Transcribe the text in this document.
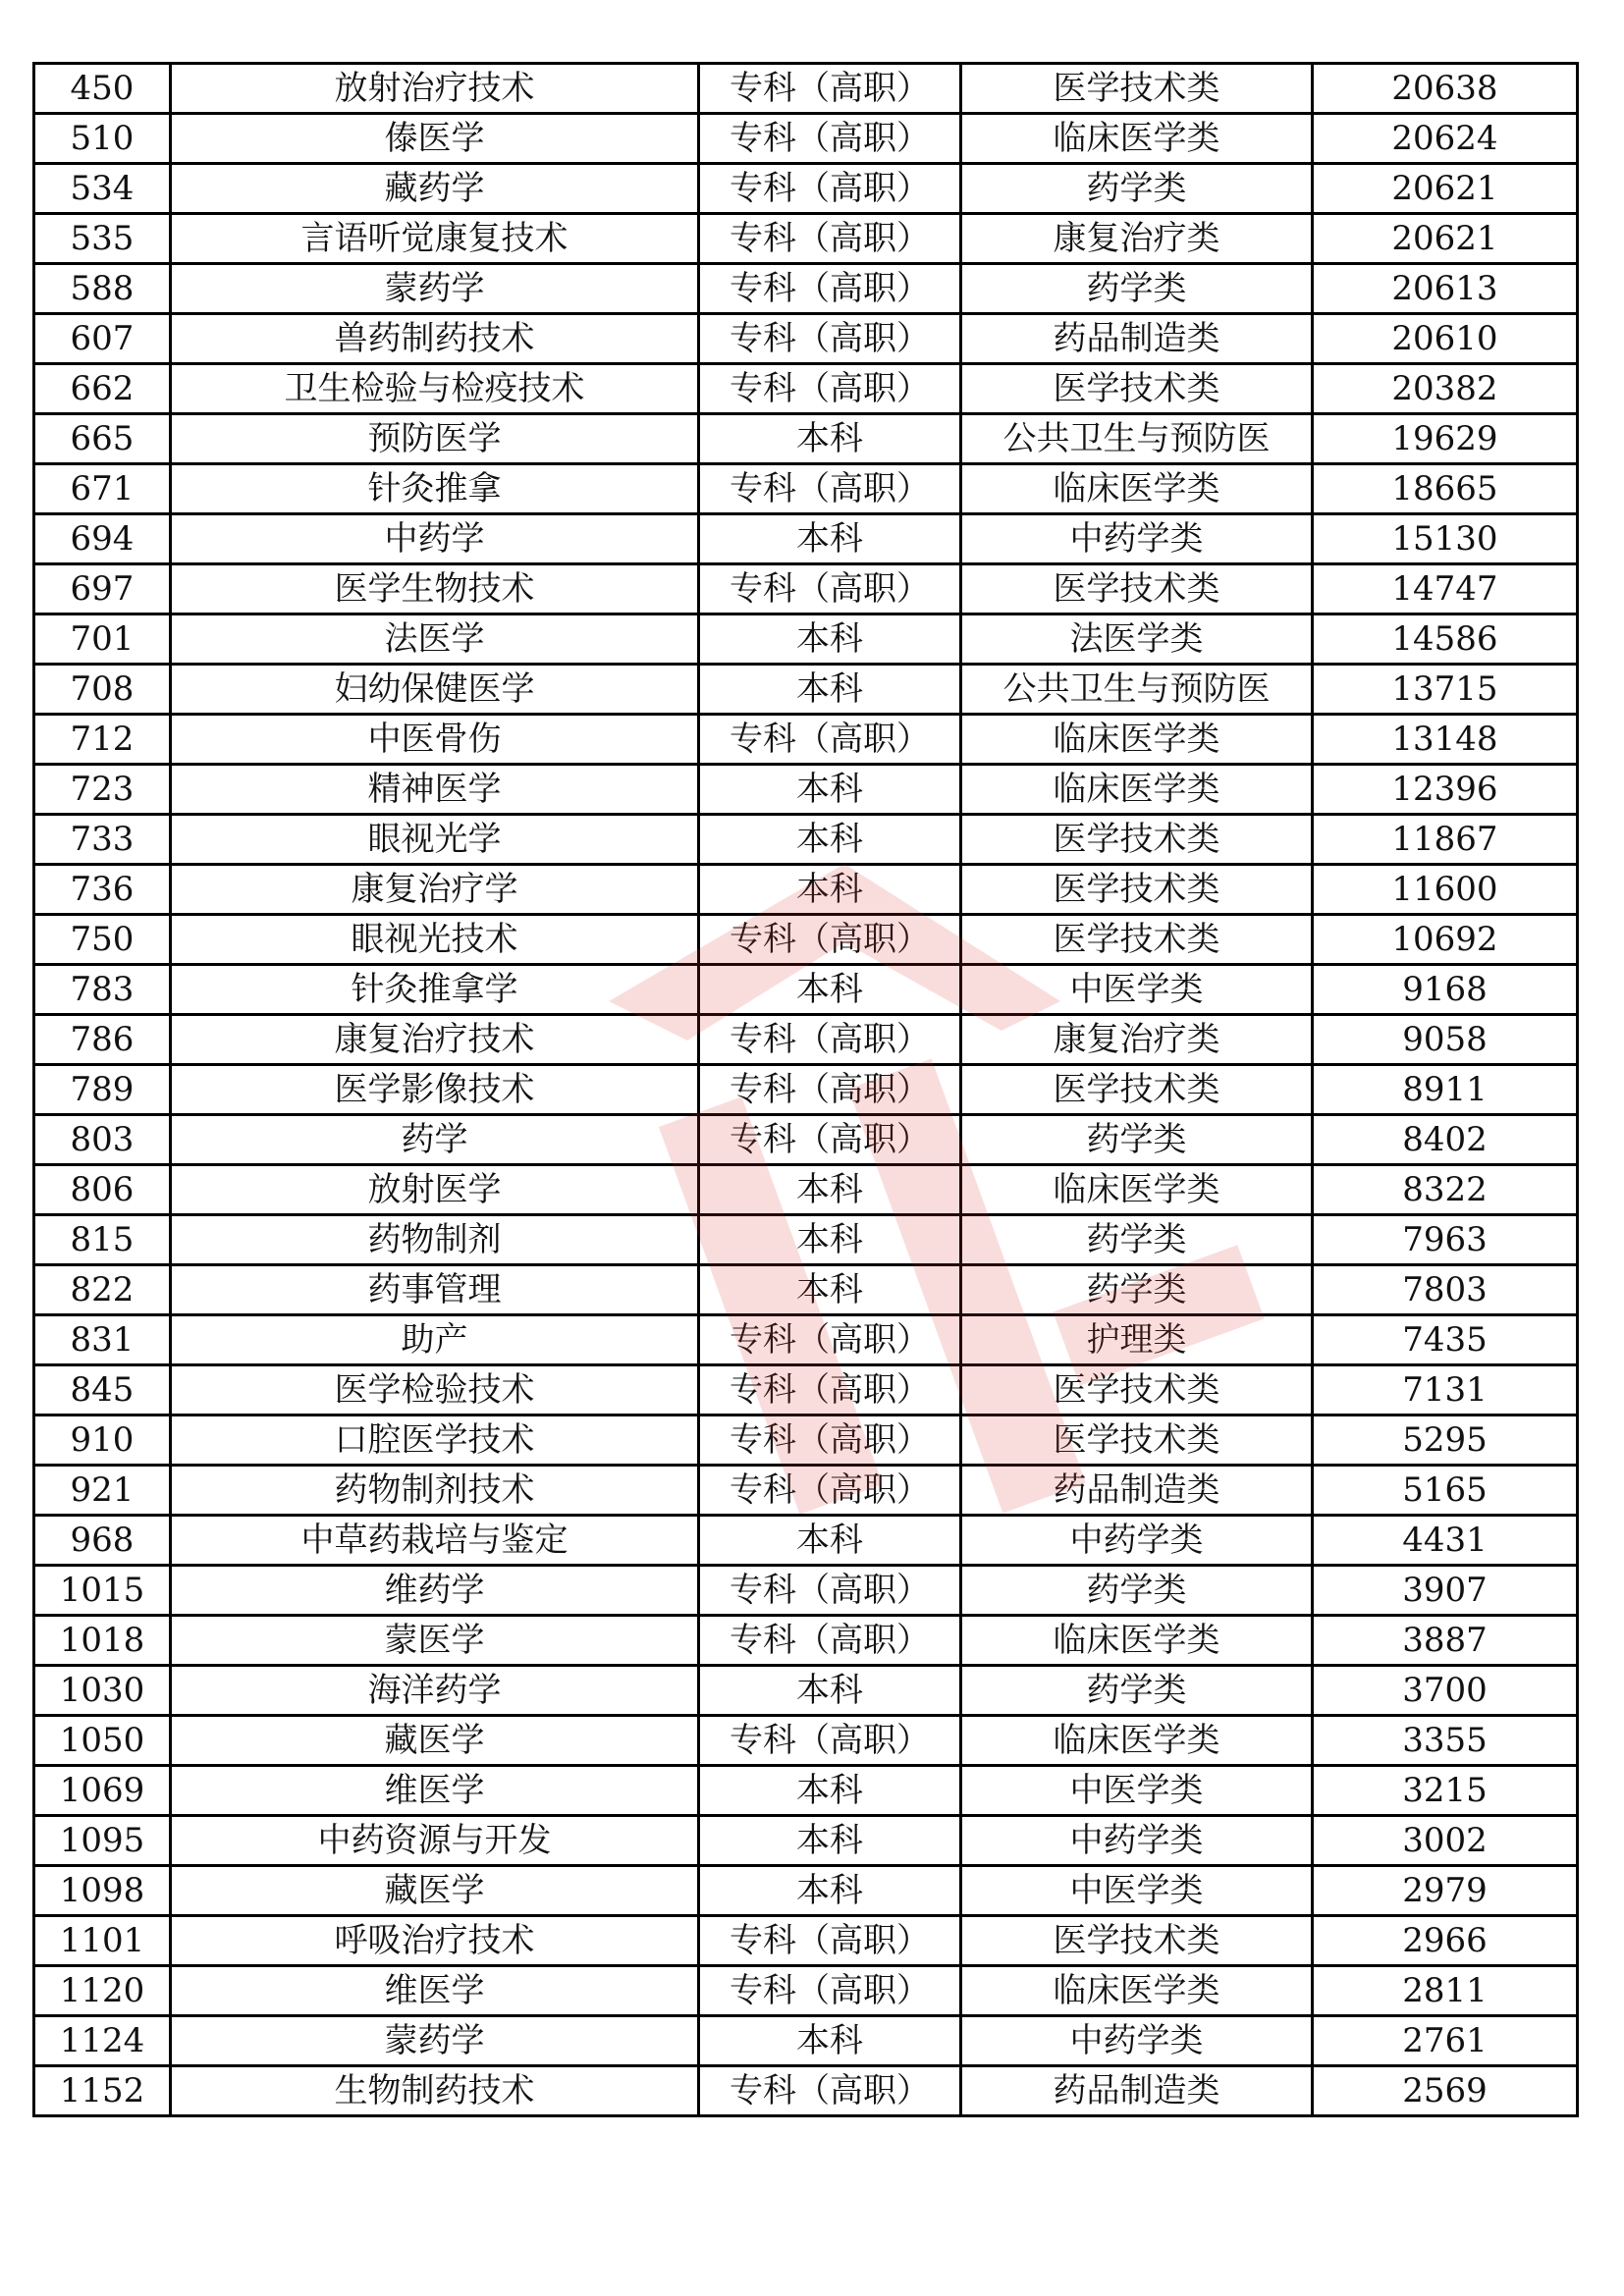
450	放射治疗技术	专科（高职）	医学技术类	20638
510	傣医学	专科（高职）	临床医学类	20624
534	藏药学	专科（高职）	药学类	20621
535	言语听觉康复技术	专科（高职）	康复治疗类	20621
588	蒙药学	专科（高职）	药学类	20613
607	兽药制药技术	专科（高职）	药品制造类	20610
662	卫生检验与检疫技术	专科（高职）	医学技术类	20382
665	预防医学	本科	公共卫生与预防医	19629
671	针灸推拿	专科（高职）	临床医学类	18665
694	中药学	本科	中药学类	15130
697	医学生物技术	专科（高职）	医学技术类	14747
701	法医学	本科	法医学类	14586
708	妇幼保健医学	本科	公共卫生与预防医	13715
712	中医骨伤	专科（高职）	临床医学类	13148
723	精神医学	本科	临床医学类	12396
733	眼视光学	本科	医学技术类	11867
736	康复治疗学	本科	医学技术类	11600
750	眼视光技术	专科（高职）	医学技术类	10692
783	针灸推拿学	本科	中医学类	9168
786	康复治疗技术	专科（高职）	康复治疗类	9058
789	医学影像技术	专科（高职）	医学技术类	8911
803	药学	专科（高职）	药学类	8402
806	放射医学	本科	临床医学类	8322
815	药物制剂	本科	药学类	7963
822	药事管理	本科	药学类	7803
831	助产	专科（高职）	护理类	7435
845	医学检验技术	专科（高职）	医学技术类	7131
910	口腔医学技术	专科（高职）	医学技术类	5295
921	药物制剂技术	专科（高职）	药品制造类	5165
968	中草药栽培与鉴定	本科	中药学类	4431
1015	维药学	专科（高职）	药学类	3907
1018	蒙医学	专科（高职）	临床医学类	3887
1030	海洋药学	本科	药学类	3700
1050	藏医学	专科（高职）	临床医学类	3355
1069	维医学	本科	中医学类	3215
1095	中药资源与开发	本科	中药学类	3002
1098	藏医学	本科	中医学类	2979
1101	呼吸治疗技术	专科（高职）	医学技术类	2966
1120	维医学	专科（高职）	临床医学类	2811
1124	蒙药学	本科	中药学类	2761
1152	生物制药技术	专科（高职）	药品制造类	2569
